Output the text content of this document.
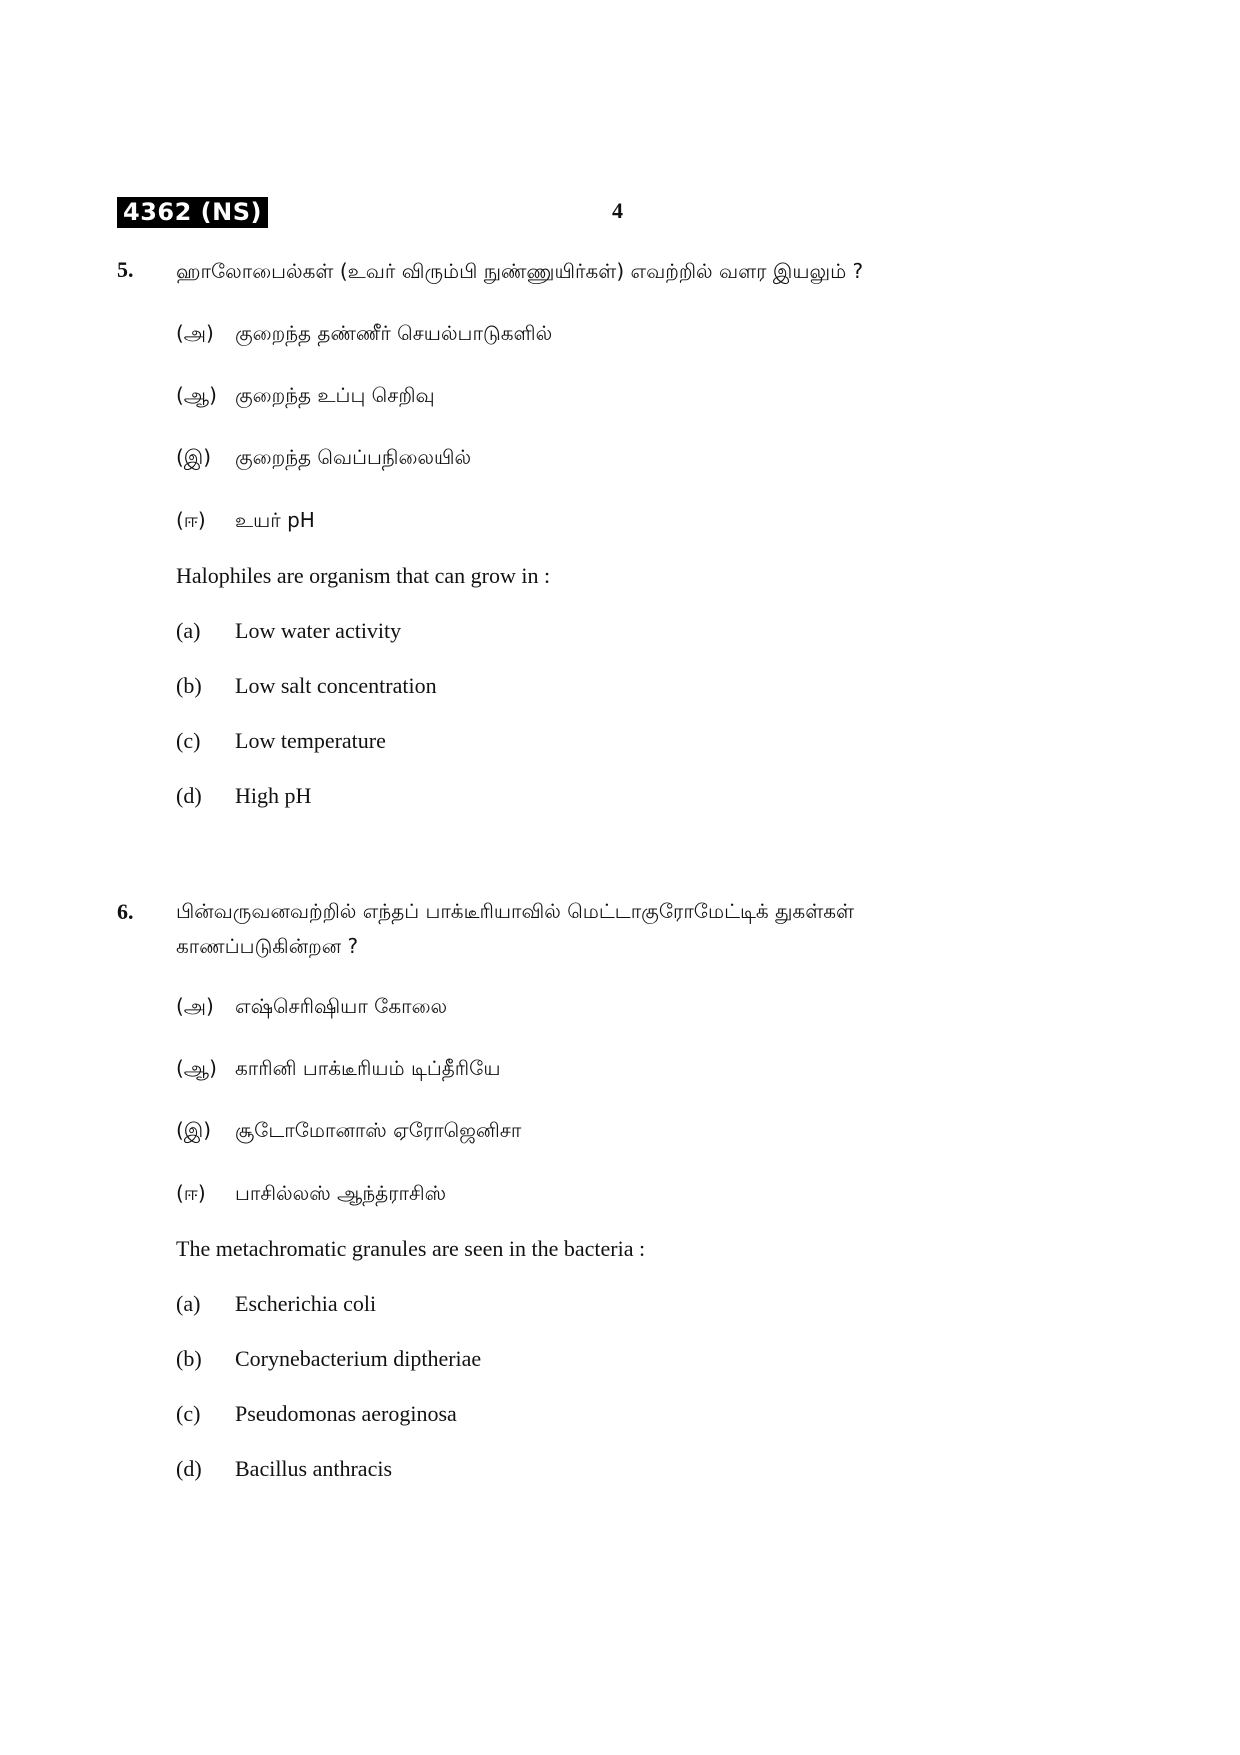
4362 (NS)	4
5. ஹாலோபைல்கள் (உவர் விரும்பி நுண்ணுயிர்கள்) எவற்றில் வளர இயலும் ?
(அ) குறைந்த தண்ணீர் செயல்பாடுகளில்
(ஆ) குறைந்த உப்பு செறிவு
(இ) குறைந்த வெப்பநிலையில்
(ஈ) உயர் pH
Halophiles are organism that can grow in :
(a) Low water activity
(b) Low salt concentration
(c) Low temperature
(d) High pH
6. பின்வருவனவற்றில் எந்தப் பாக்டீரியாவில் மெட்டாகுரோமேட்டிக் துகள்கள்
காணப்படுகின்றன ?
(அ) எஷ்செரிஷியா கோலை
(ஆ) காரினி பாக்டீரியம் டிப்தீரியே
(இ) சூடோமோனாஸ் ஏரோஜெனிசா
(ஈ) பாசில்லஸ் ஆந்த்ராசிஸ்
The metachromatic granules are seen in the bacteria :
(a) Escherichia coli
(b) Corynebacterium diptheriae
(c) Pseudomonas aeroginosa
(d) Bacillus anthracis
